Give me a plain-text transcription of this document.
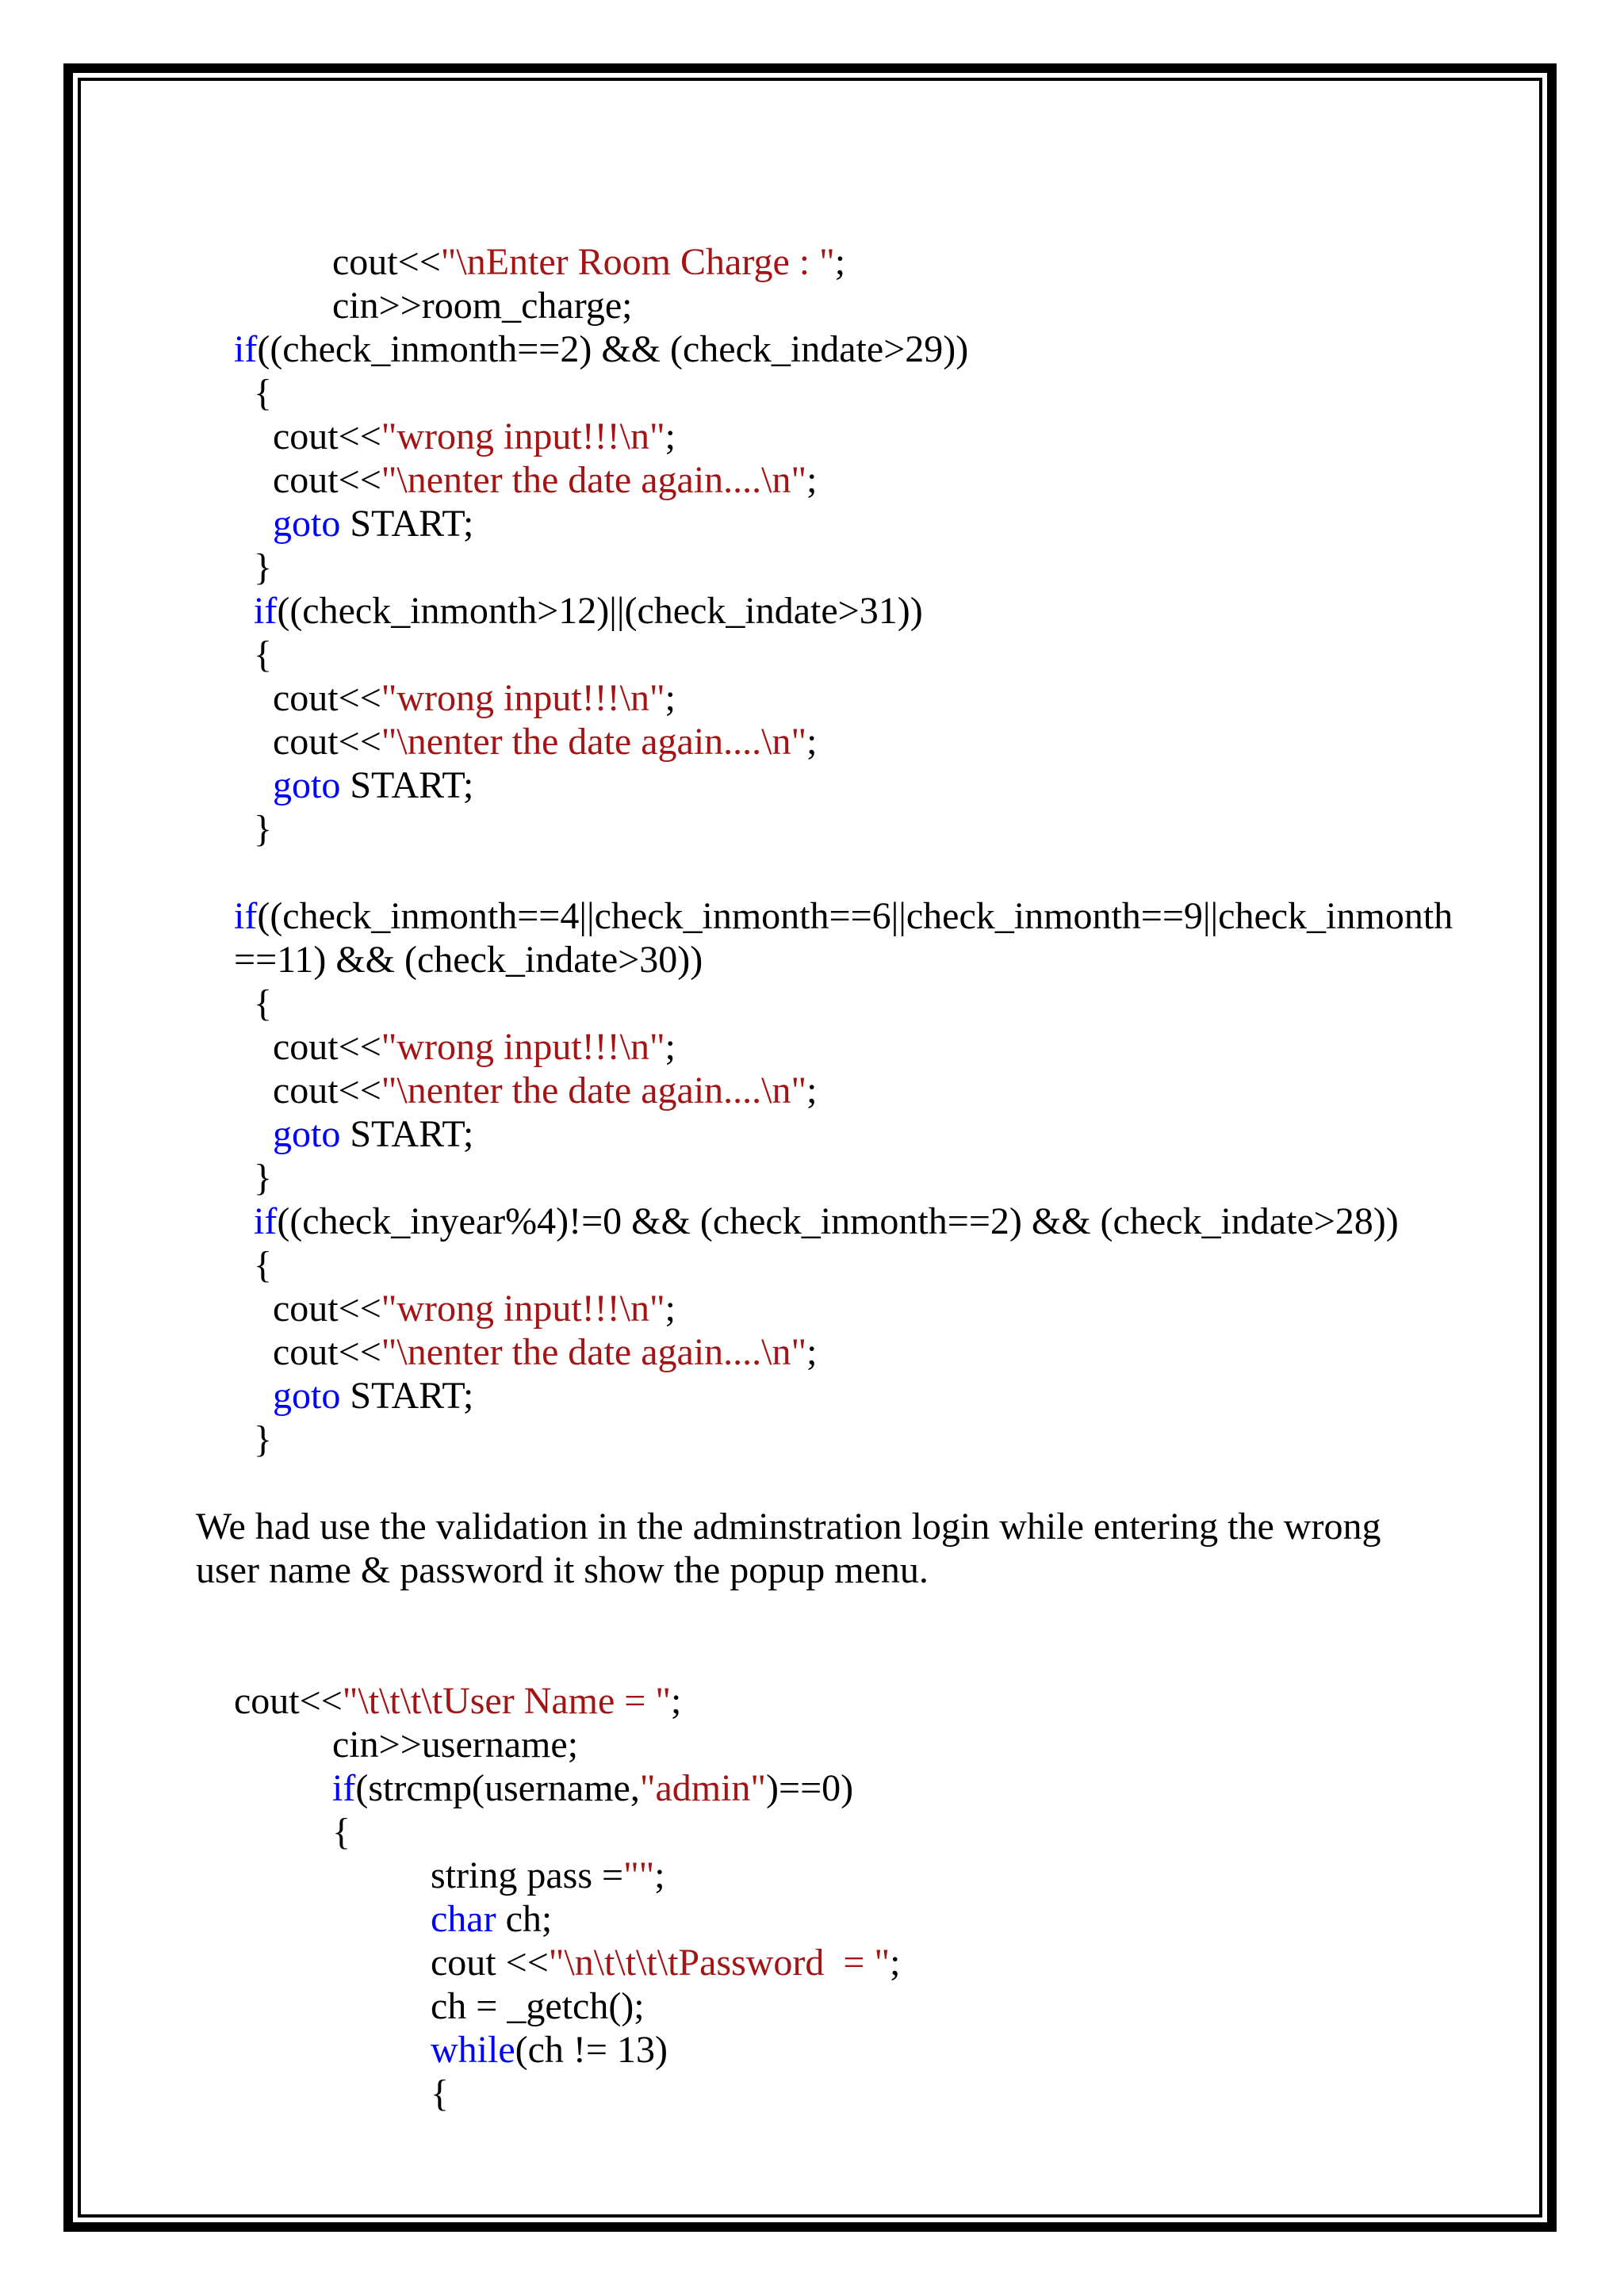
cout<<"\nEnter Room Charge : ";

cin>>room_charge;

if((check_inmonth==2) && (check_indate>29))

{

cout<<"wrong input!!!\n";

cout<<"\nenter the date again....\n";

goto START;

}

if((check_inmonth>12)||(check_indate>31))

{

cout<<"wrong input!!!\n";

cout<<"\nenter the date again....\n";

goto START;

}

if((check_inmonth==4||check_inmonth==6||check_inmonth==9||check_inmonth

==11) && (check_indate>30))

{

cout<<"wrong input!!!\n";

cout<<"\nenter the date again....\n";

goto START;

}

if((check_inyear%4)!=0 && (check_inmonth==2) && (check_indate>28))

{

cout<<"wrong input!!!\n";

cout<<"\nenter the date again....\n";

goto START;

}

We had use the validation in the adminstration login while entering the wrong
user name & password it show the popup menu.

cout<<"\t\t\t\tUser Name = ";

cin>>username;

if(strcmp(username,"admin")==0)

{

string pass ="";

char ch;

cout <<"\n\t\t\t\tPassword  = ";

ch = _getch();

while(ch != 13)

{
